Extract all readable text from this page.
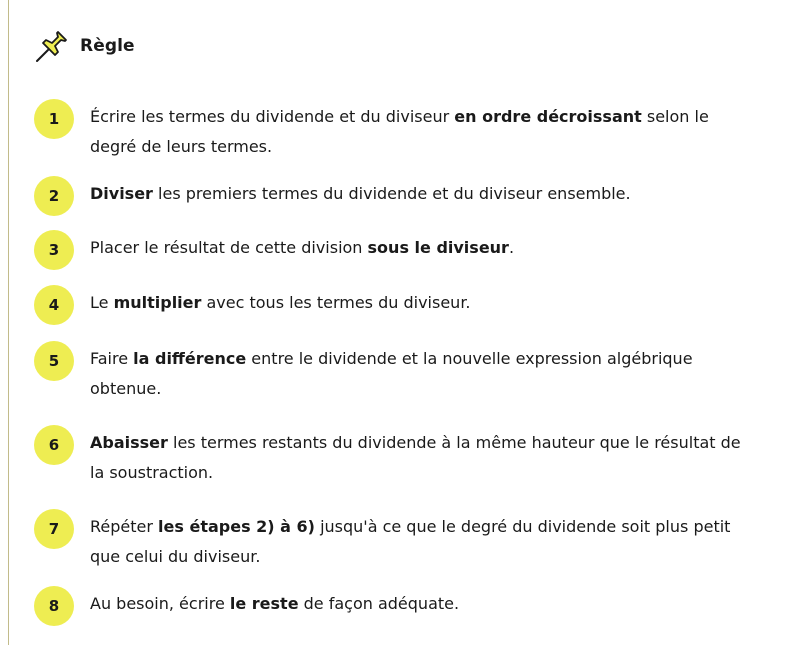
Règle
1	Écrire les termes du dividende et du diviseur en ordre décroissant selon le degré de leurs termes.
2	Diviser les premiers termes du dividende et du diviseur ensemble.
3	Placer le résultat de cette division sous le diviseur.
4	Le multiplier avec tous les termes du diviseur.
5	Faire la différence entre le dividende et la nouvelle expression algébrique obtenue.
6	Abaisser les termes restants du dividende à la même hauteur que le résultat de la soustraction.
7	Répéter les étapes 2) à 6) jusqu'à ce que le degré du dividende soit plus petit que celui du diviseur.
8	Au besoin, écrire le reste de façon adéquate.
